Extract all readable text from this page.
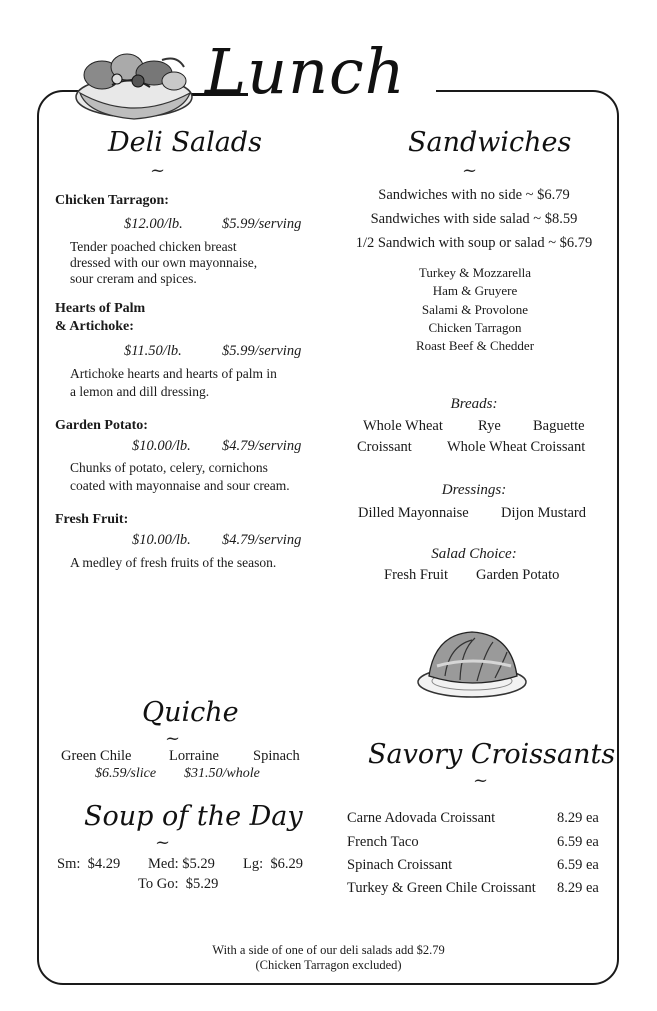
Lunch
Deli Salads
~
Chicken Tarragon:
$12.00/lb.	$5.99/serving
Tender poached chicken breast
dressed with our own mayonnaise,
sour creram and spices.
Hearts of Palm
& Artichoke:
$11.50/lb.	$5.99/serving
Artichoke hearts and hearts of palm in
a lemon and dill dressing.
Garden Potato:
$10.00/lb. $4.79/serving
Chunks of potato, celery, cornichons
coated with mayonnaise and sour cream.
Fresh Fruit:
$10.00/lb. $4.79/serving
A medley of fresh fruits of the season.
Sandwiches
~
Sandwiches with no side ~ $6.79
Sandwiches with side salad ~ $8.59
1/2 Sandwich with soup or salad ~ $6.79
Turkey & Mozzarella
Ham & Gruyere
Salami & Provolone
Chicken Tarragon
Roast Beef & Chedder
Breads:
Whole Wheat Rye Baguette
Croissant Whole Wheat Croissant
Dressings:
Dilled Mayonnaise Dijon Mustard
Salad Choice:
Fresh Fruit Garden Potato
Quiche
~
Green Chile	Lorraine Spinach
$6.59/slice $31.50/whole
Soup of the Day
~
Sm:  $4.29 Med: $5.29 Lg:  $6.29
To Go:  $5.29
Savory Croissants
~
Carne Adovada Croissant	8.29 ea
French Taco	6.59 ea
Spinach Croissant	6.59 ea
Turkey & Green Chile Croissant 8.29 ea
With a side of one of our deli salads add $2.79
(Chicken Tarragon excluded)
